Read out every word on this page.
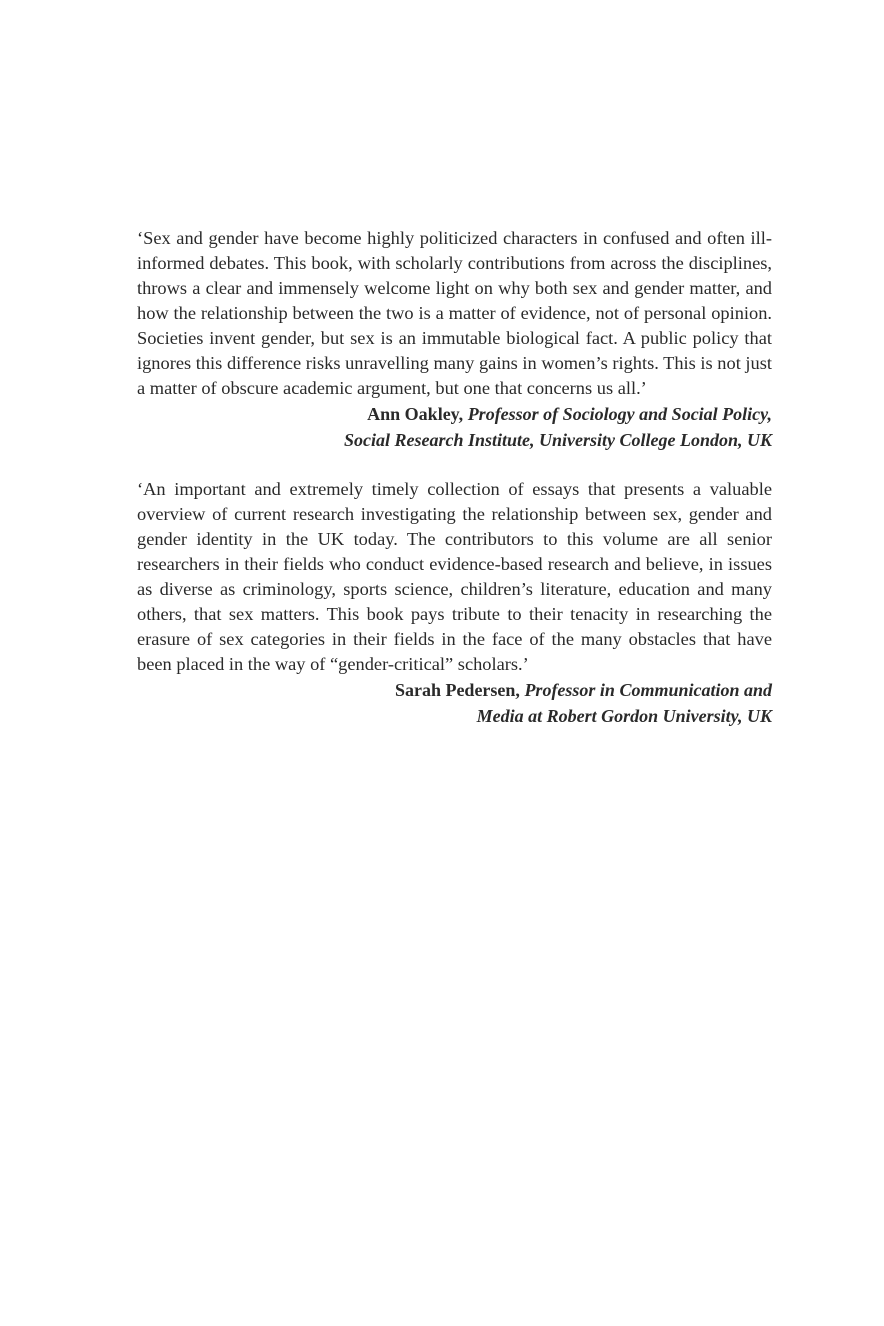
‘Sex and gender have become highly politicized characters in confused and often ill-informed debates. This book, with scholarly contributions from across the disciplines, throws a clear and immensely welcome light on why both sex and gender matter, and how the relationship between the two is a matter of evidence, not of personal opinion. Societies invent gender, but sex is an immutable biological fact. A public policy that ignores this difference risks unravelling many gains in women’s rights. This is not just a matter of obscure academic argument, but one that concerns us all.’

Ann Oakley, Professor of Sociology and Social Policy,
Social Research Institute, University College London, UK

‘An important and extremely timely collection of essays that presents a valuable overview of current research investigating the relationship between sex, gender and gender identity in the UK today. The contributors to this volume are all senior researchers in their fields who conduct evidence-based research and believe, in issues as diverse as criminology, sports science, children’s literature, education and many others, that sex matters. This book pays tribute to their tenacity in researching the erasure of sex categories in their fields in the face of the many obstacles that have been placed in the way of “gender-critical” scholars.’

Sarah Pedersen, Professor in Communication and
Media at Robert Gordon University, UK
